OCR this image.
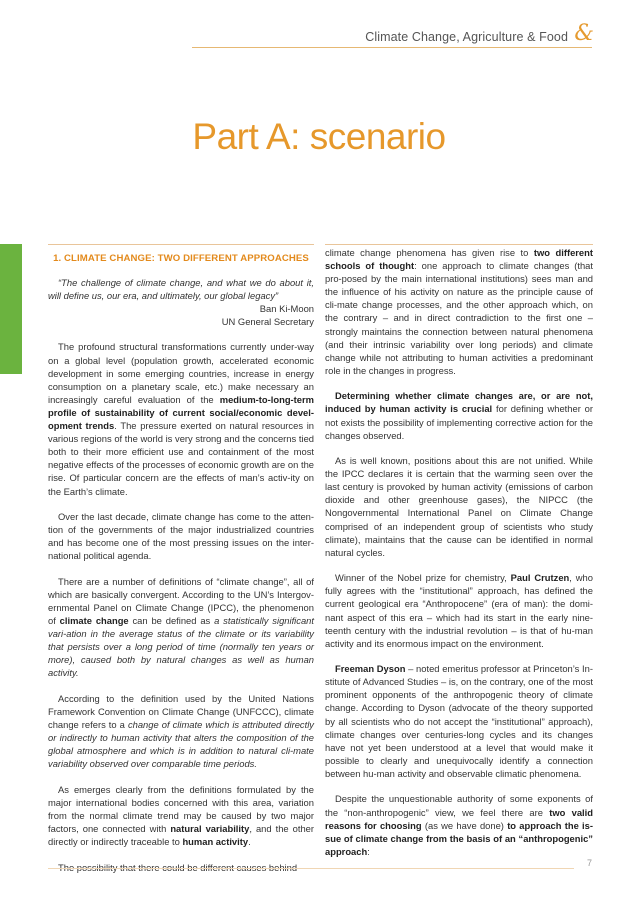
Climate Change, Agriculture & Food &
Part A: scenario
1. CLIMATE CHANGE: TWO DIFFERENT APPROACHES
“The challenge of climate change, and what we do about it, will define us, our era, and ultimately, our global legacy”
Ban Ki-Moon
UN General Secretary

The profound structural transformations currently under-way on a global level (population growth, accelerated economic development in some emerging countries, increase in energy consumption on a planetary scale, etc.) make necessary an increasingly careful evaluation of the medium-to-long-term profile of sustainability of current social/economic devel-opment trends. The pressure exerted on natural resources in various regions of the world is very strong and the concerns tied both to their more efficient use and containment of the most negative effects of the processes of economic growth are on the rise. Of particular concern are the effects of man’s activ-ity on the Earth’s climate.

Over the last decade, climate change has come to the atten-tion of the governments of the major industrialized countries and has become one of the most pressing issues on the inter-national political agenda.

There are a number of definitions of “climate change”, all of which are basically convergent. According to the UN’s Intergov-ernmental Panel on Climate Change (IPCC), the phenomenon of climate change can be defined as a statistically significant vari-ation in the average status of the climate or its variability that persists over a long period of time (normally ten years or more), caused both by natural changes as well as human activity.

According to the definition used by the United Nations Framework Convention on Climate Change (UNFCCC), climate change refers to a change of climate which is attributed directly or indirectly to human activity that alters the composition of the global atmosphere and which is in addition to natural cli-mate variability observed over comparable time periods.

As emerges clearly from the definitions formulated by the major international bodies concerned with this area, variation from the normal climate trend may be caused by two major factors, one connected with natural variability, and the other directly or indirectly traceable to human activity.

climate change phenomena has given rise to two different schools of thought: one approach to climate changes (that pro-posed by the main international institutions) sees man and the influence of his activity on nature as the principle cause of cli-mate change processes, and the other approach which, on the contrary – and in direct contradiction to the first one – strongly maintains the connection between natural phenomena (and their intrinsic variability over long periods) and climate change while not attributing to human activities a predominant role in the changes in progress.

Determining whether climate changes are, or are not, induced by human activity is crucial for defining whether or not exists the possibility of implementing corrective action for the changes observed.

As is well known, positions about this are not unified. While the IPCC declares it is certain that the warming seen over the last century is provoked by human activity (emissions of carbon dioxide and other greenhouse gases), the NIPCC (the Nongovernmental International Panel on Climate Change comprised of an independent group of scientists who study climate), maintains that the cause can be identified in normal natural cycles.

Winner of the Nobel prize for chemistry, Paul Crutzen, who fully agrees with the “institutional” approach, has defined the current geological era “Anthropocene” (era of man): the domi-nant aspect of this era – which had its start in the early nine-teenth century with the industrial revolution – is that of hu-man activity and its enormous impact on the environment.

Freeman Dyson – noted emeritus professor at Princeton’s In-stitute of Advanced Studies – is, on the contrary, one of the most prominent opponents of the anthropogenic theory of climate change. According to Dyson (advocate of the theory supported by all scientists who do not accept the “institutional” approach), climate changes over centuries-long cycles and its changes have not yet been understood at a level that would make it possible to clearly and unequivocally identify a connection between hu-man activity and observable climatic phenomena.

Despite the unquestionable authority of some exponents of the “non-anthropogenic” view, we feel there are two valid reasons for choosing (as we have done) to approach the is-sue of climate change from the basis of an “anthropogenic” approach:

7
